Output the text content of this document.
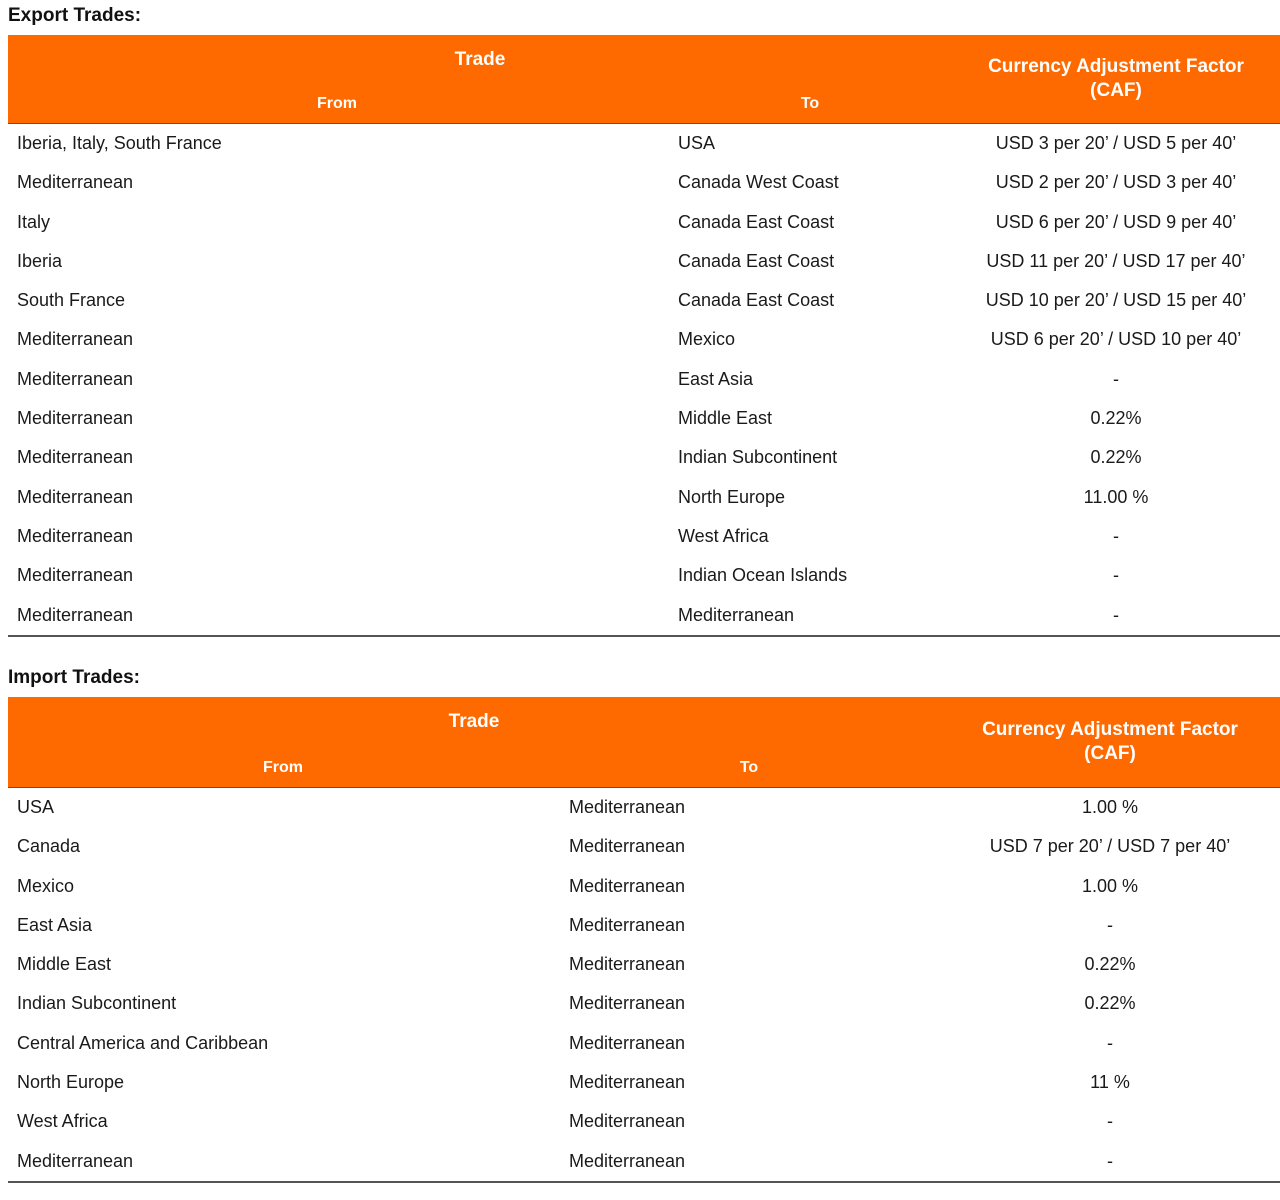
Export Trades:
Trade
From	To
Currency Adjustment Factor
(CAF)
Iberia, Italy, South France	USA	USD 3 per 20’ / USD 5 per 40’
Mediterranean	Canada West Coast	USD 2 per 20’ / USD 3 per 40’
Italy	Canada East Coast	USD 6 per 20’ / USD 9 per 40’
Iberia	Canada East Coast	USD 11 per 20’ / USD 17 per 40’
South France	Canada East Coast	USD 10 per 20’ / USD 15 per 40’
Mediterranean	Mexico	USD 6 per 20’ / USD 10 per 40’
Mediterranean	East Asia	-
Mediterranean	Middle East	0.22%
Mediterranean	Indian Subcontinent	0.22%
Mediterranean	North Europe	11.00 %
Mediterranean	West Africa	-
Mediterranean	Indian Ocean Islands	-
Mediterranean	Mediterranean	-
Import Trades:
Trade
From	To
Currency Adjustment Factor
(CAF)
USA	Mediterranean	1.00 %
Canada	Mediterranean	USD 7 per 20’ / USD 7 per 40’
Mexico	Mediterranean	1.00 %
East Asia	Mediterranean	-
Middle East	Mediterranean	0.22%
Indian Subcontinent	Mediterranean	0.22%
Central America and Caribbean	Mediterranean	-
North Europe	Mediterranean	11 %
West Africa	Mediterranean	-
Mediterranean	Mediterranean	-
